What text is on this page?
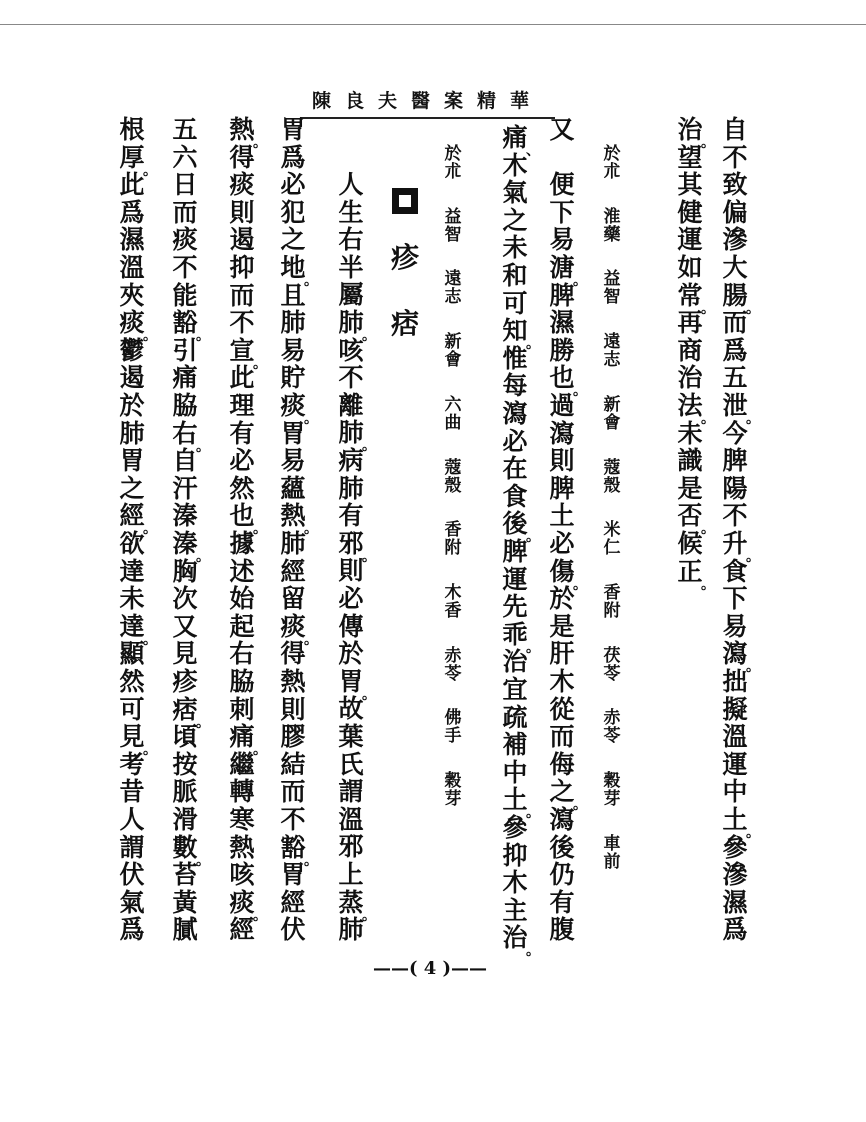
陳良夫醫案精華
自
不
致
偏
滲
大
腸
。
而
爲
五
泄
。
今
脾
陽
不
升
。
食
下
易
瀉
。
拙
擬
溫
運
中
土
。
參
滲
濕
爲
治
。
望
其
健
運
如
常
。
再
商
治
法
。
未
識
是
否
。
候
正
。
於
朮
淮
藥
益
智
遠
志
新
會
蔻
殼
米
仁
香
附
茯
苓
赤
苓
穀
芽
車
前
又
便
下
易
溏
。
脾
濕
勝
也
。
過
瀉
則
脾
土
必
傷
。
於
是
肝
木
從
而
侮
之
。
瀉
後
仍
有
腹
痛
、
木
氣
之
未
和
可
知
。
惟
每
瀉
必
在
食
後
。
脾
運
先
乖
。
治
宜
疏
補
中
土
。
參
抑
木
主
治
。
於
朮
益
智
遠
志
新
會
六
曲
蔻
殼
香
附
木
香
赤
苓
佛
手
穀
芽
疹
痞
人
生
右
半
屬
肺
。
咳
不
離
肺
。
病
肺
有
邪
。
則
必
傳
於
胃
。
故
葉
氏
謂
溫
邪
上
蒸
。
肺
胃
爲
必
犯
之
地
。
且
肺
易
貯
痰
。
胃
易
蘊
熱
。
肺
經
留
痰
。
得
熱
則
膠
結
而
不
豁
。
胃
經
伏
熱
。
得
痰
則
遏
抑
而
不
宣
。
此
理
有
必
然
也
。
據
述
始
起
右
脇
刺
痛
。
繼
轉
寒
熱
咳
痰
。
經
五
六
日
而
痰
不
能
豁
。
引
痛
脇
右
。
自
汗
溱
溱
。
胸
次
又
見
疹
痞
。
頃
按
脈
滑
數
。
苔
黃
膩
根
厚
。
此
爲
濕
溫
夾
痰
。
鬱
遏
於
肺
胃
之
經
。
欲
達
未
達
。
顯
然
可
見
。
考
昔
人
謂
伏
氣
爲
——( 4 )——
